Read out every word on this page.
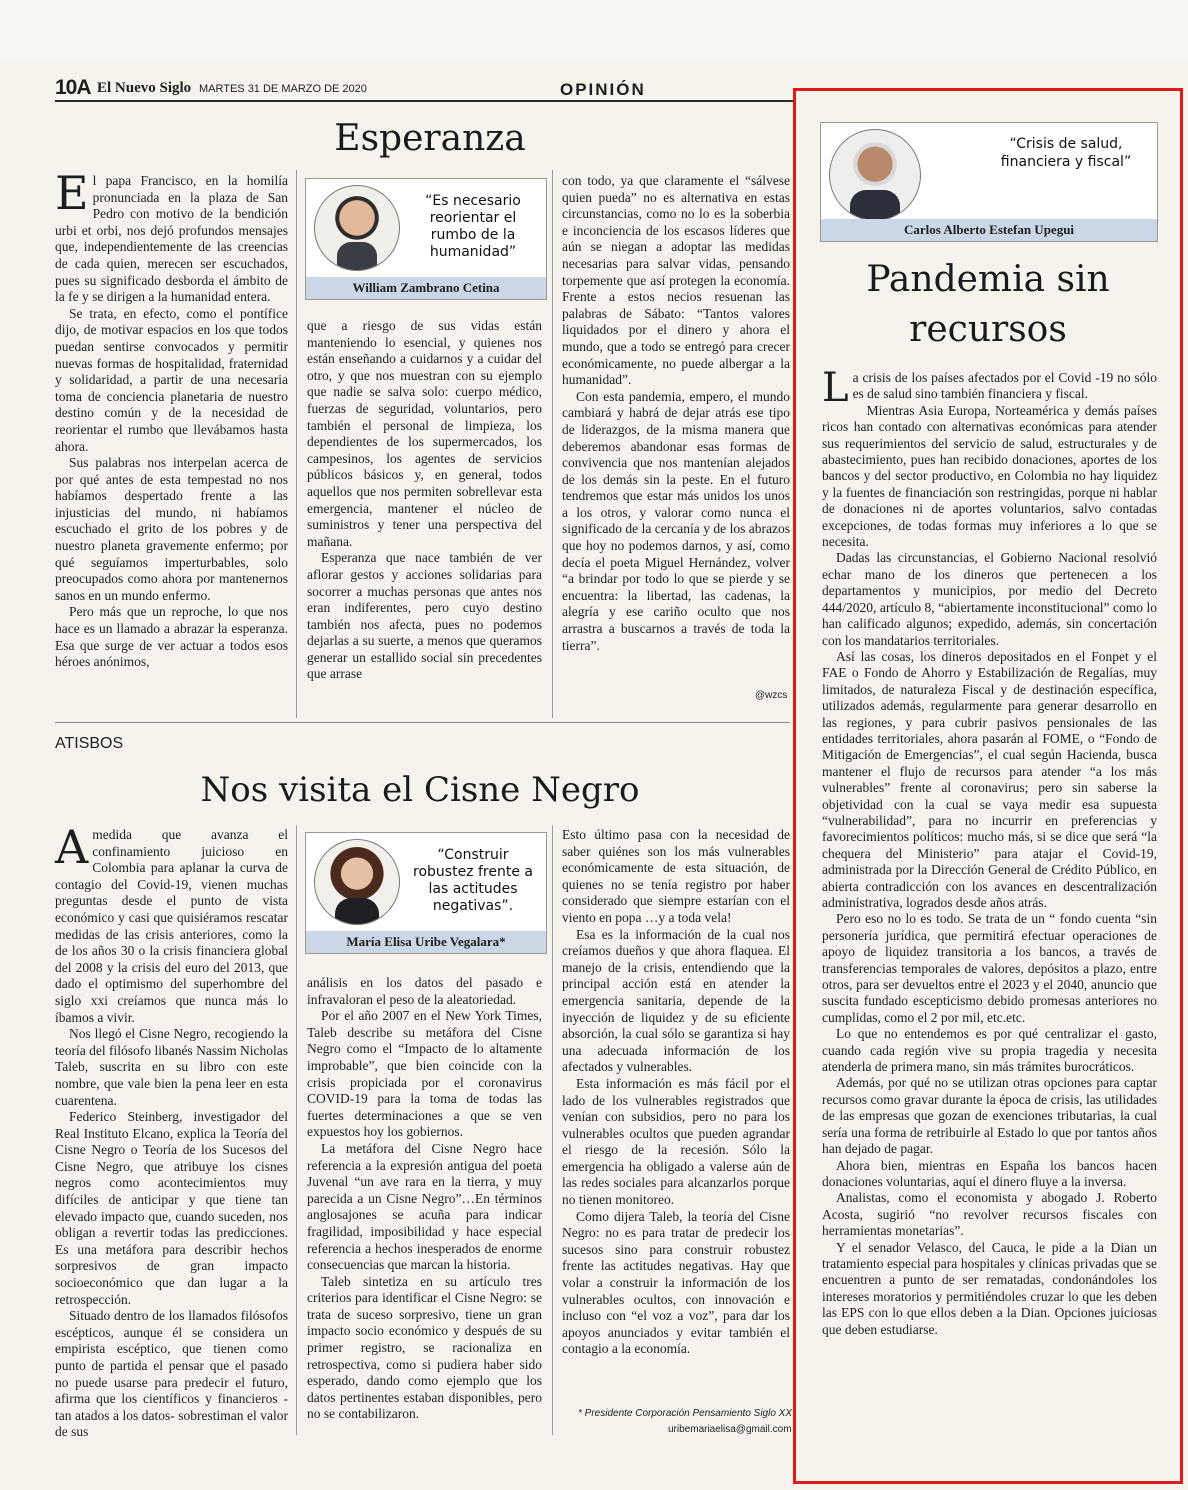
10A El Nuevo Siglo MARTES 31 DE MARZO DE 2020	OPINIÓN
Esperanza
“Es necesario reorientar el rumbo de la humanidad”
William Zambrano Cetina

El papa Francisco, en la homilía pronunciada en la plaza de San Pedro con motivo de la bendición urbi et orbi, nos dejó profundos mensajes que, independientemente de las creencias de cada quien, merecen ser escuchados, pues su significado desborda el ámbito de la fe y se dirigen a la humanidad entera.

Se trata, en efecto, como el pontífice dijo, de motivar espacios en los que todos puedan sentirse convocados y permitir nuevas formas de hospitalidad, fraternidad y solidaridad, a partir de una necesaria toma de conciencia planetaria de nuestro destino común y de la necesidad de reorientar el rumbo que llevábamos hasta ahora.

Sus palabras nos interpelan acerca de por qué antes de esta tempestad no nos habíamos despertado frente a las injusticias del mundo, ni habíamos escuchado el grito de los pobres y de nuestro planeta gravemente enfermo; por qué seguíamos imperturbables, solo preocupados como ahora por mantenernos sanos en un mundo enfermo.

Pero más que un reproche, lo que nos hace es un llamado a abrazar la esperanza. Esa que surge de ver actuar a todos esos héroes anónimos,

que a riesgo de sus vidas están manteniendo lo esencial, y quienes nos están enseñando a cuidarnos y a cuidar del otro, y que nos muestran con su ejemplo que nadie se salva solo: cuerpo médico, fuerzas de seguridad, voluntarios, pero también el personal de limpieza, los dependientes de los supermercados, los campesinos, los agentes de servicios públicos básicos y, en general, todos aquellos que nos permiten sobrellevar esta emergencia, mantener el núcleo de suministros y tener una perspectiva del mañana.

Esperanza que nace también de ver aflorar gestos y acciones solidarias para socorrer a muchas personas que antes nos eran indiferentes, pero cuyo destino también nos afecta, pues no podemos dejarlas a su suerte, a menos que queramos generar un estallido social sin precedentes que arrase

con todo, ya que claramente el “sálvese quien pueda” no es alternativa en estas circunstancias, como no lo es la soberbia e inconciencia de los escasos líderes que aún se niegan a adoptar las medidas necesarias para salvar vidas, pensando torpemente que así protegen la economía. Frente a estos necios resuenan las palabras de Sábato: “Tantos valores liquidados por el dinero y ahora el mundo, que a todo se entregó para crecer económicamente, no puede albergar a la humanidad”.

Con esta pandemia, empero, el mundo cambiará y habrá de dejar atrás ese tipo de liderazgos, de la misma manera que deberemos abandonar esas formas de convivencia que nos mantenían alejados de los demás sin la peste. En el futuro tendremos que estar más unidos los unos a los otros, y valorar como nunca el significado de la cercanía y de los abrazos que hoy no podemos darnos, y así, como decía el poeta Miguel Hernández, volver “a brindar por todo lo que se pierde y se encuentra: la libertad, las cadenas, la alegría y ese cariño oculto que nos arrastra a buscarnos a través de toda la tierra”.

@wzcs
ATISBOS
Nos visita el Cisne Negro
“Construir robustez frente a las actitudes negativas”.
María Elisa Uribe Vegalara*

A medida que avanza el confinamiento juicioso en Colombia para aplanar la curva de contagio del Covid-19, vienen muchas preguntas desde el punto de vista económico y casi que quisiéramos rescatar medidas de las crisis anteriores, como la de los años 30 o la crisis financiera global del 2008 y la crisis del euro del 2013, que dado el optimismo del superhombre del siglo xxi creíamos que nunca más lo íbamos a vivir.

Nos llegó el Cisne Negro, recogiendo la teoría del filósofo libanés Nassim Nicholas Taleb, suscrita en su libro con este nombre, que vale bien la pena leer en esta cuarentena.

Federico Steinberg, investigador del Real Instituto Elcano, explica la Teoría del Cisne Negro o Teoría de los Sucesos del Cisne Negro, que atribuye los cisnes negros como acontecimientos muy difíciles de anticipar y que tiene tan elevado impacto que, cuando suceden, nos obligan a revertir todas las predicciones. Es una metáfora para describir hechos sorpresivos de gran impacto socioeconómico que dan lugar a la retrospección.

Situado dentro de los llamados filósofos escépticos, aunque él se considera un empirista escéptico, que tienen como punto de partida el pensar que el pasado no puede usarse para predecir el futuro, afirma que los científicos y financieros -tan atados a los datos- sobrestiman el valor de sus

análisis en los datos del pasado e infravaloran el peso de la aleatoriedad.

Por el año 2007 en el New York Times, Taleb describe su metáfora del Cisne Negro como el “Impacto de lo altamente improbable”, que bien coincide con la crisis propiciada por el coronavirus COVID-19 para la toma de todas las fuertes determinaciones a que se ven expuestos hoy los gobiernos.

La metáfora del Cisne Negro hace referencia a la expresión antigua del poeta Juvenal “un ave rara en la tierra, y muy parecida a un Cisne Negro”…En términos anglosajones se acuña para indicar fragilidad, imposibilidad y hace especial referencia a hechos inesperados de enorme consecuencias que marcan la historia.

Taleb sintetiza en su artículo tres criterios para identificar el Cisne Negro: se trata de suceso sorpresivo, tiene un gran impacto socio económico y después de su primer registro, se racionaliza en retrospectiva, como si pudiera haber sido esperado, dando como ejemplo que los datos pertinentes estaban disponibles, pero no se contabilizaron.

Esto último pasa con la necesidad de saber quiénes son los más vulnerables económicamente de esta situación, de quienes no se tenía registro por haber considerado que siempre estarían con el viento en popa …y a toda vela!

Esa es la información de la cual nos creíamos dueños y que ahora flaquea. El manejo de la crisis, entendiendo que la principal acción está en atender la emergencia sanitaria, depende de la inyección de liquidez y de su eficiente absorción, la cual sólo se garantiza si hay una adecuada información de los afectados y vulnerables.

Esta información es más fácil por el lado de los vulnerables registrados que venían con subsidios, pero no para los vulnerables ocultos que pueden agrandar el riesgo de la recesión. Sólo la emergencia ha obligado a valerse aún de las redes sociales para alcanzarlos porque no tienen monitoreo.

Como dijera Taleb, la teoría del Cisne Negro: no es para tratar de predecir los sucesos sino para construir robustez frente las actitudes negativas. Hay que volar a construir la información de los vulnerables ocultos, con innovación e incluso con “el voz a voz”, para dar los apoyos anunciados y evitar también el contagio a la economía.

* Presidente Corporación Pensamiento Siglo XX
uribemariaelisa@gmail.com
“Crisis de salud, financiera y fiscal”
Carlos Alberto Estefan Upegui
Pandemia sin recursos

La crisis de los países afectados por el Covid -19 no sólo es de salud sino también financiera y fiscal.

Mientras Asia Europa, Norteamérica y demás países ricos han contado con alternativas económicas para atender sus requerimientos del servicio de salud, estructurales y de abastecimiento, pues han recibido donaciones, aportes de los bancos y del sector productivo, en Colombia no hay liquidez y la fuentes de financiación son restringidas, porque ni hablar de donaciones ni de aportes voluntarios, salvo contadas excepciones, de todas formas muy inferiores a lo que se necesita.

Dadas las circunstancias, el Gobierno Nacional resolvió echar mano de los dineros que pertenecen a los departamentos y municipios, por medio del Decreto 444/2020, artículo 8, “abiertamente inconstitucional” como lo han calificado algunos; expedido, además, sin concertación con los mandatarios territoriales.

Así las cosas, los dineros depositados en el Fonpet y el FAE o Fondo de Ahorro y Estabilización de Regalías, muy limitados, de naturaleza Fiscal y de destinación específica, utilizados además, regularmente para generar desarrollo en las regiones, y para cubrir pasivos pensionales de las entidades territoriales, ahora pasarán al FOME, o “Fondo de Mitigación de Emergencias”, el cual según Hacienda, busca mantener el flujo de recursos para atender “a los más vulnerables” frente al coronavirus; pero sin saberse la objetividad con la cual se vaya medir esa supuesta “vulnerabilidad”, para no incurrir en preferencias y favorecimientos políticos: mucho más, si se dice que será “la chequera del Ministerio” para atajar el Covid-19, administrada por la Dirección General de Crédito Público, en abierta contradicción con los avances en descentralización administrativa, logrados desde años atrás.

Pero eso no lo es todo. Se trata de un “ fondo cuenta “sin personería jurídica, que permitirá efectuar operaciones de apoyo de liquidez transitoria a los bancos, a través de transferencias temporales de valores, depósitos a plazo, entre otros, para ser devueltos entre el 2023 y el 2040, anuncio que suscita fundado escepticismo debido promesas anteriores no cumplidas, como el 2 por mil, etc.etc.

Lo que no entendemos es por qué centralizar el gasto, cuando cada región vive su propia tragedia y necesita atenderla de primera mano, sin más trámites burocráticos.

Además, por qué no se utilizan otras opciones para captar recursos como gravar durante la época de crisis, las utilidades de las empresas que gozan de exenciones tributarias, la cual sería una forma de retribuirle al Estado lo que por tantos años han dejado de pagar.

Ahora bien, mientras en España los bancos hacen donaciones voluntarias, aquí el dinero fluye a la inversa.

Analistas, como el economista y abogado J. Roberto Acosta, sugirió “no revolver recursos fiscales con herramientas monetarias”.

Y el senador Velasco, del Cauca, le pide a la Dian un tratamiento especial para hospitales y clínicas privadas que se encuentren a punto de ser rematadas, condonándoles los intereses moratorios y permitiéndoles cruzar lo que les deben las EPS con lo que ellos deben a la Dian. Opciones juiciosas que deben estudiarse.
